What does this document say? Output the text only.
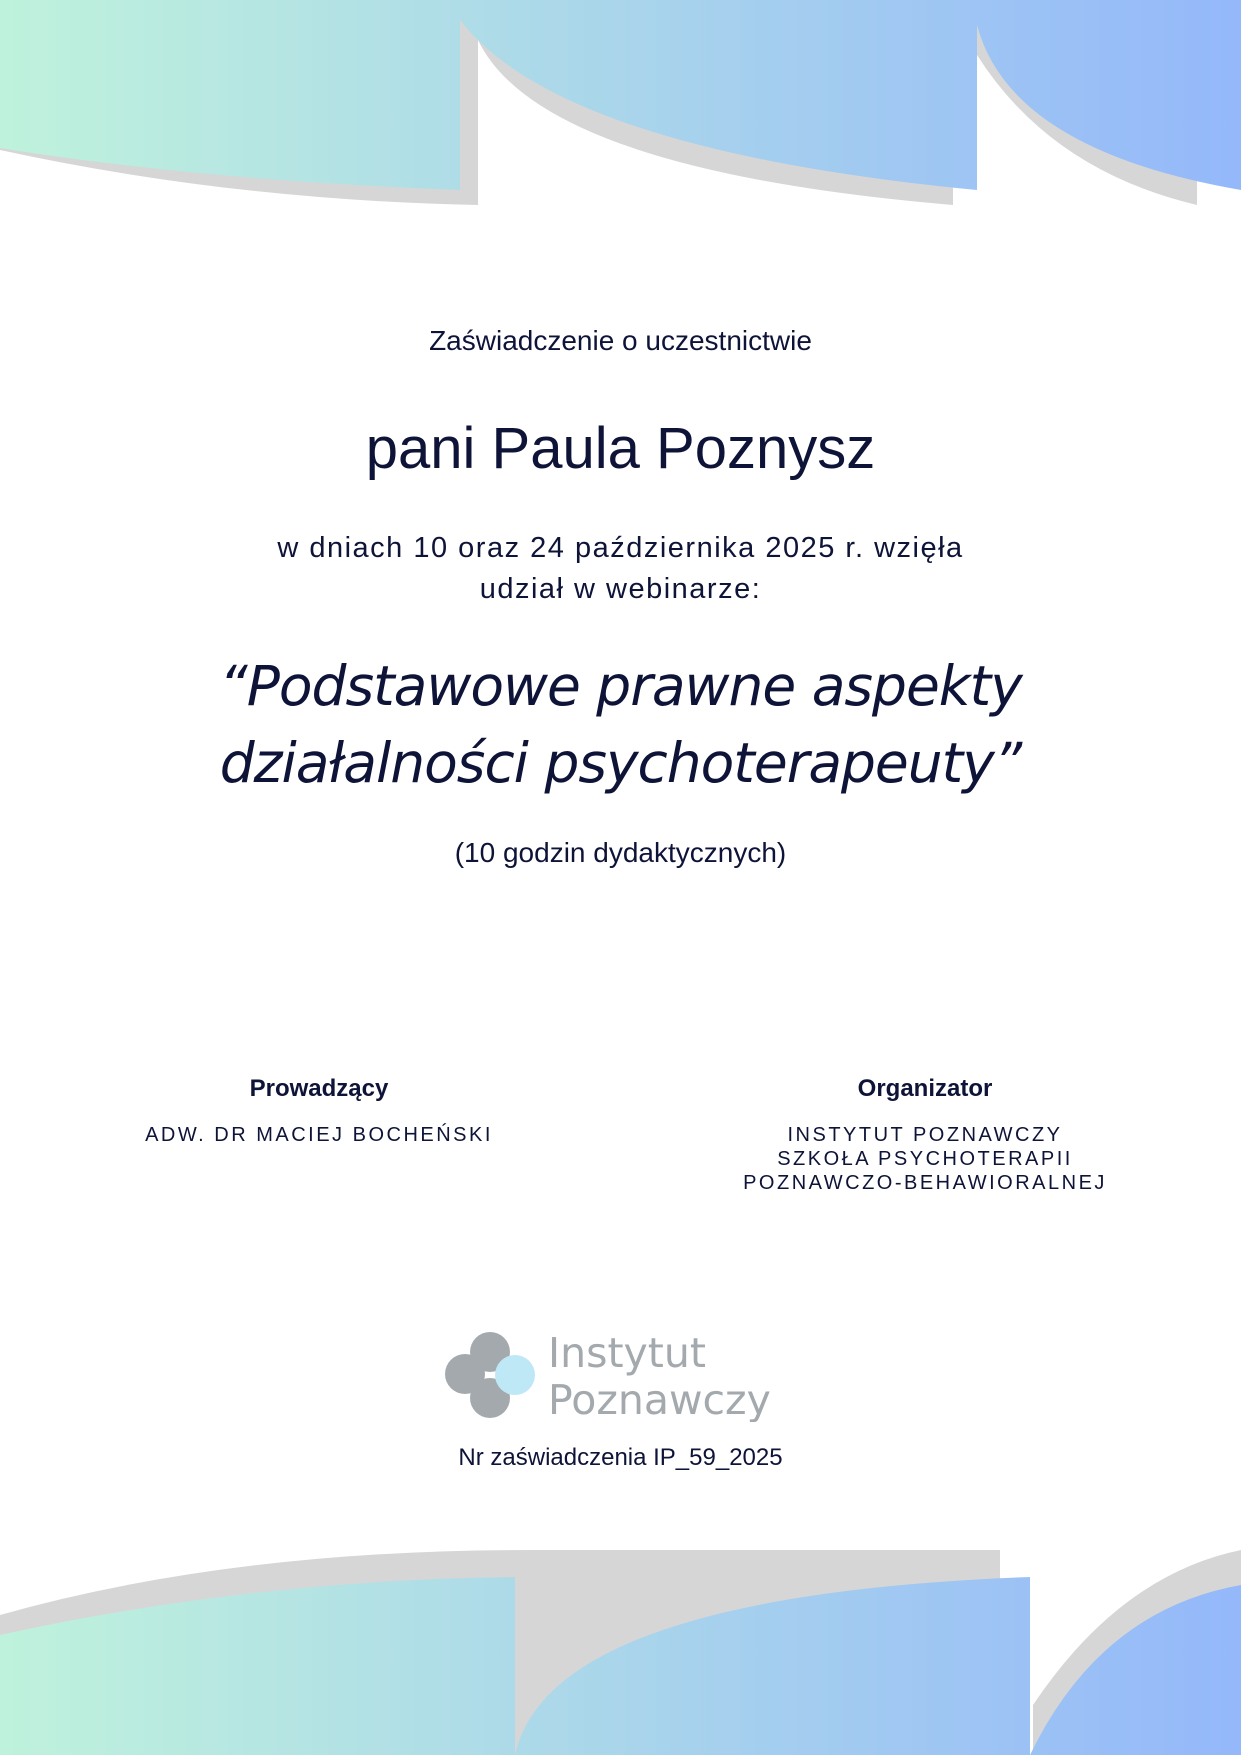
Zaświadczenie o uczestnictwie
pani Paula Poznysz
w dniach 10 oraz 24 października 2025 r. wzięła
udział w webinarze:
“Podstawowe prawne aspekty
działalności psychoterapeuty”
(10 godzin dydaktycznych)
Prowadzący
ADW. DR MACIEJ BOCHEŃSKI
Organizator
INSTYTUT POZNAWCZY
SZKOŁA PSYCHOTERAPII
POZNAWCZO-BEHAWIORALNEJ
Instytut
Poznawczy
Nr zaświadczenia IP_59_2025
